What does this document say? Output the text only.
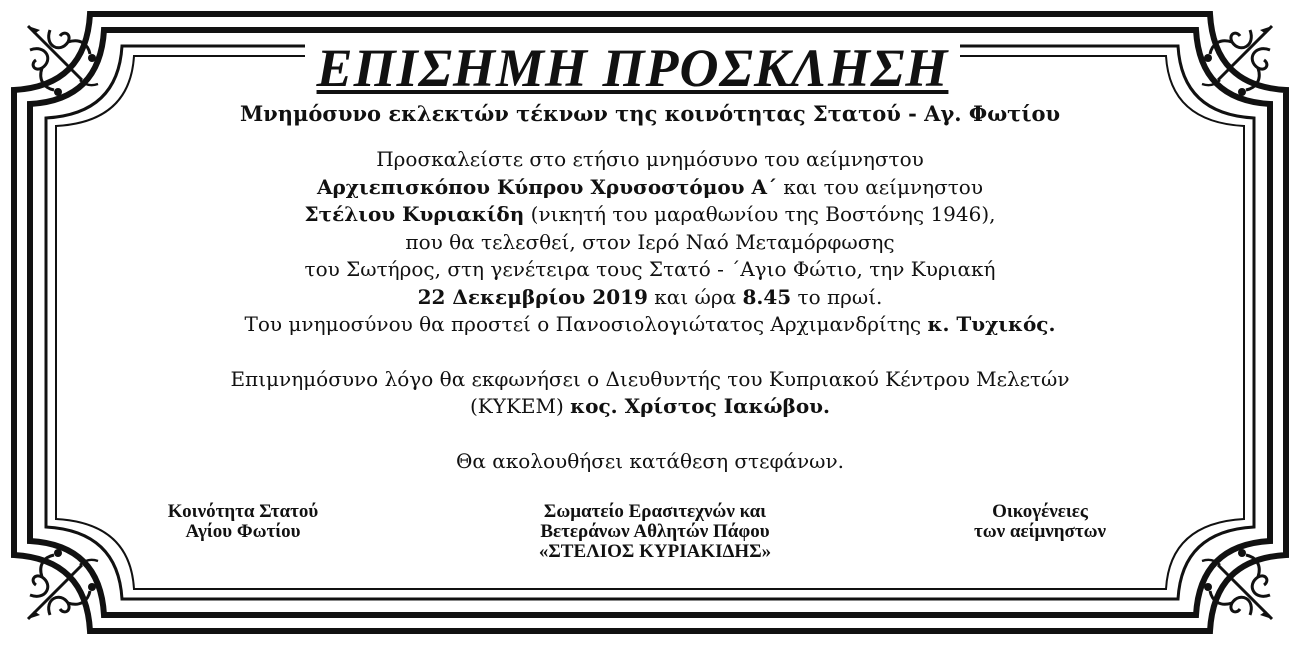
ΕΠΙΣΗΜΗ ΠΡΟΣΚΛΗΣΗ
Μνημόσυνο εκλεκτών τέκνων της κοινότητας Στατού - Αγ. Φωτίου
Προσκαλείστε στο ετήσιο μνημόσυνο του αείμνηστου
Αρχιεπισκόπου Κύπρου Χρυσοστόμου Α΄ και του αείμνηστου
Στέλιου Κυριακίδη (νικητή του μαραθωνίου της Βοστόνης 1946),
που θα τελεσθεί, στον Ιερό Ναό Μεταμόρφωσης
του Σωτήρος, στη γενέτειρα τους Στατό - ΄Αγιο Φώτιο, την Κυριακή
22 Δεκεμβρίου 2019 και ώρα 8.45 το πρωί.
Του μνημοσύνου θα προστεί ο Πανοσιολογιώτατος Αρχιμανδρίτης κ. Τυχικός.
Επιμνημόσυνο λόγο θα εκφωνήσει ο Διευθυντής του Κυπριακού Κέντρου Μελετών
(ΚΥΚΕΜ) κος. Χρίστος Ιακώβου.
Θα ακολουθήσει κατάθεση στεφάνων.
Κοινότητα Στατού
Αγίου Φωτίου
Σωματείο Ερασιτεχνών και
Βετεράνων Αθλητών Πάφου
«ΣΤΕΛΙΟΣ ΚΥΡΙΑΚΙΔΗΣ»
Οικογένειες
των αείμνηστων
